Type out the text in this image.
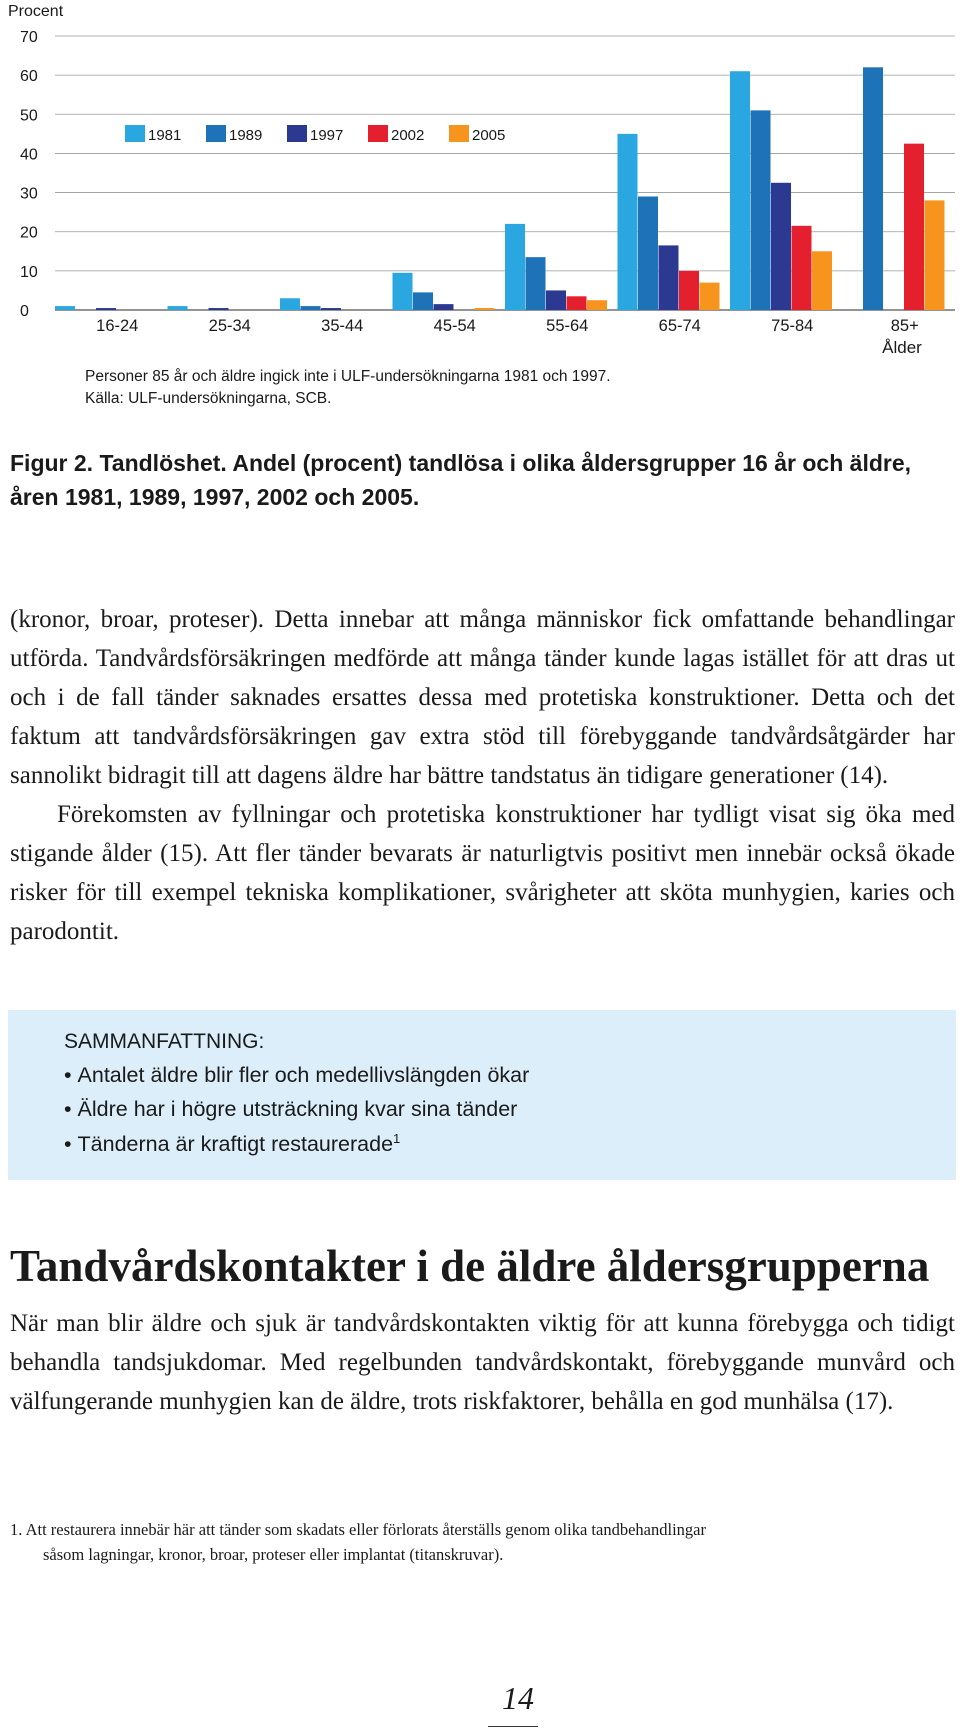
0
10
20
30
40
50
60
70
16-24	25-34	35-44	45-54	55-64	65-74	75-84	85+
1981	1989	1997	2002	2005
Procent
Ålder
Personer 85 år och äldre ingick inte i ULF-undersökningarna 1981 och 1997.
Källa: ULF-undersökningarna, SCB.
Figur 2. Tandlöshet. Andel (procent) tandlösa i olika åldersgrupper 16 år och äldre, åren 1981, 1989, 1997, 2002 och 2005.

(kronor, broar, proteser). Detta innebar att många människor fick omfattande behandlingar utförda. Tandvårdsförsäkringen medförde att många tänder kunde lagas istället för att dras ut och i de fall tänder saknades ersattes dessa med protetiska konstruktioner. Detta och det faktum att tandvårdsförsäkringen gav extra stöd till förebyggande tandvårdsåtgärder har sannolikt bidragit till att dagens äldre har bättre tandstatus än tidigare generationer (14).

Förekomsten av fyllningar och protetiska konstruktioner har tydligt visat sig öka med stigande ålder (15). Att fler tänder bevarats är naturligtvis positivt men innebär också ökade risker för till exempel tekniska komplikationer, svårigheter att sköta munhygien, karies och parodontit.

SAMMANFATTNING:
• Antalet äldre blir fler och medellivslängden ökar
• Äldre har i högre utsträckning kvar sina tänder
• Tänderna är kraftigt restaurerade$^1$
Tandvårdskontakter i de äldre åldersgrupperna
När man blir äldre och sjuk är tandvårdskontakten viktig för att kunna förebygga och tidigt behandla tandsjukdomar. Med regelbunden tandvårdskontakt, förebyggande munvård och välfungerande munhygien kan de äldre, trots riskfaktorer, behålla en god munhälsa (17).
1. Att restaurera innebär här att tänder som skadats eller förlorats återställs genom olika tandbehandlingar
såsom lagningar, kronor, broar, proteser eller implantat (titanskruvar).
14
